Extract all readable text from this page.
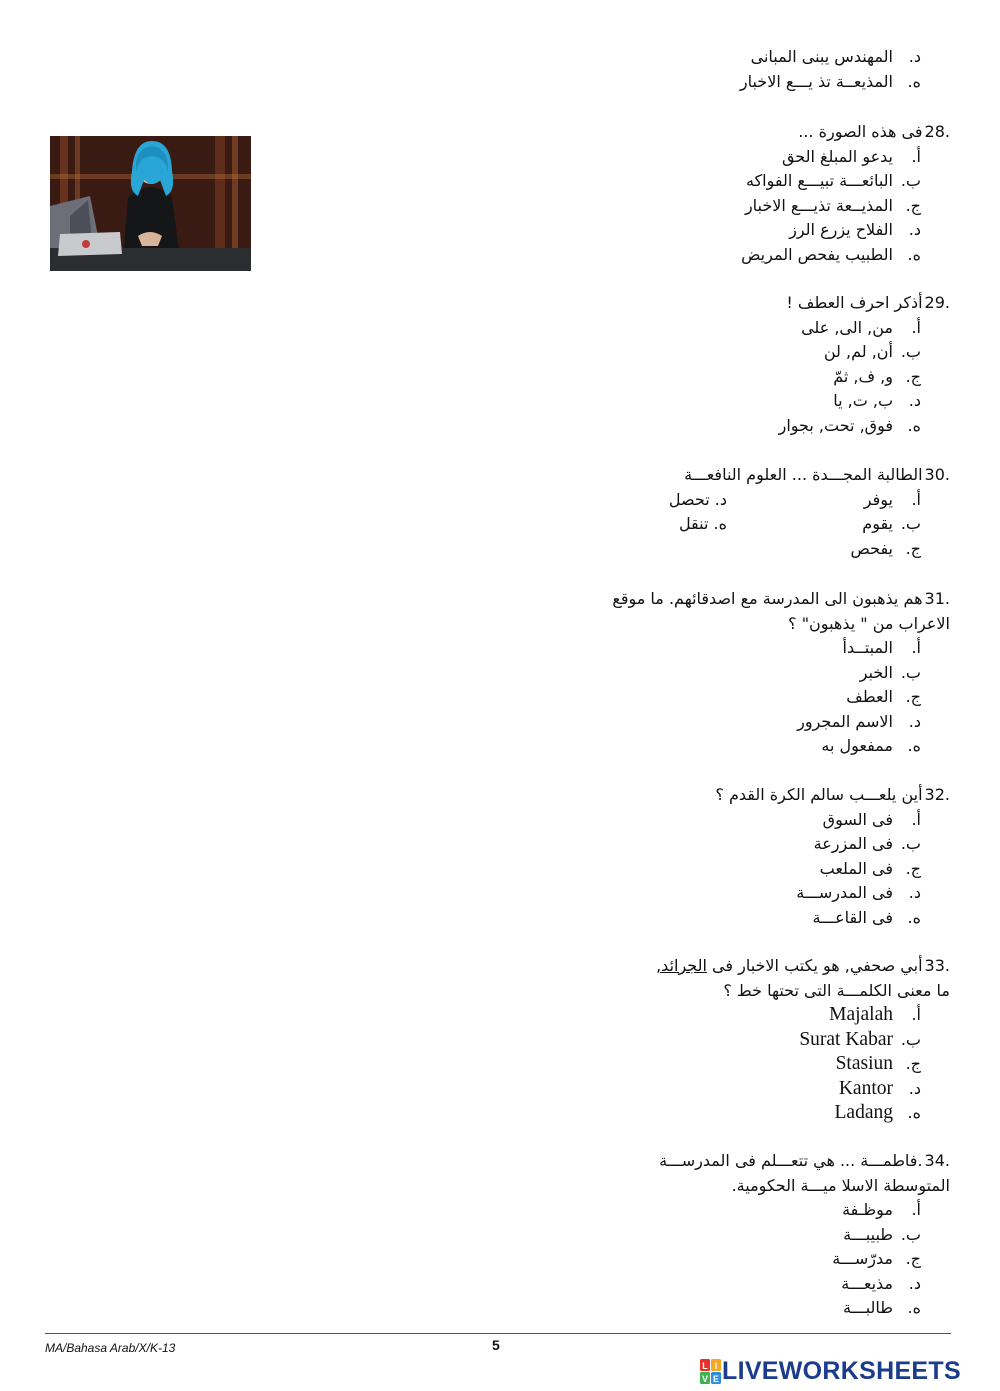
د.
المهندس يبنى المبانى
ه.
المذيعــة تذ يـــع الاخبار
28.فى هذه الصورة ...
أ.
يدعو المبلغ الحق
ب.
البائعـــة تبيـــع الفواكه
ج.
المذيــعة تذيـــع الاخبار
د.
الفلاح يزرع الرز
ه.
الطبيب يفحص المريض
29.أذكر احرف العطف !
أ.
من, الى, على
ب.
أن, لم, لن
ج.
و, ف, ثمّ
د.
ب, ت, يا
ه.
فوق, تحت, بجوار
30.الطالبة المجـــدة ... العلوم النافعـــة
أ.
يوفر
د. تحصل
ب.
يقوم
ه. تنقل
ج.
يفحص
31.هم يذهبون الى المدرسة مع اصدقائهم. ما موقع الاعراب من " يذهبون" ؟
أ.
المبتــدأ
ب.
الخبر
ج.
العطف
د.
الاسم المجرور
ه.
ممفعول به
32.أين يلعـــب سالم الكرة القدم ؟
أ.
فى السوق
ب.
فى المزرعة
ج.
فى الملعب
د.
فى المدرســـة
ه.
فى القاعـــة
33.أبي صحفي, هو يكتب الاخبار فى الجرائد,
ما معنى الكلمـــة التى تحتها خط ؟
أ.
Majalah
ب.
Surat Kabar
ج.
Stasiun
د.
Kantor
ه.
Ladang
34..فاطمـــة ... هي تتعـــلم فى المدرســـة المتوسطة الاسلا ميـــة الحكومية.
أ.
موظـفة
ب.
طبيبـــة
ج.
مدرّســـة
د.
مذيعـــة
ه.
طالبـــة
MA/Bahasa Arab/X/K-13	5
L I
V E LIVEWORKSHEETS
